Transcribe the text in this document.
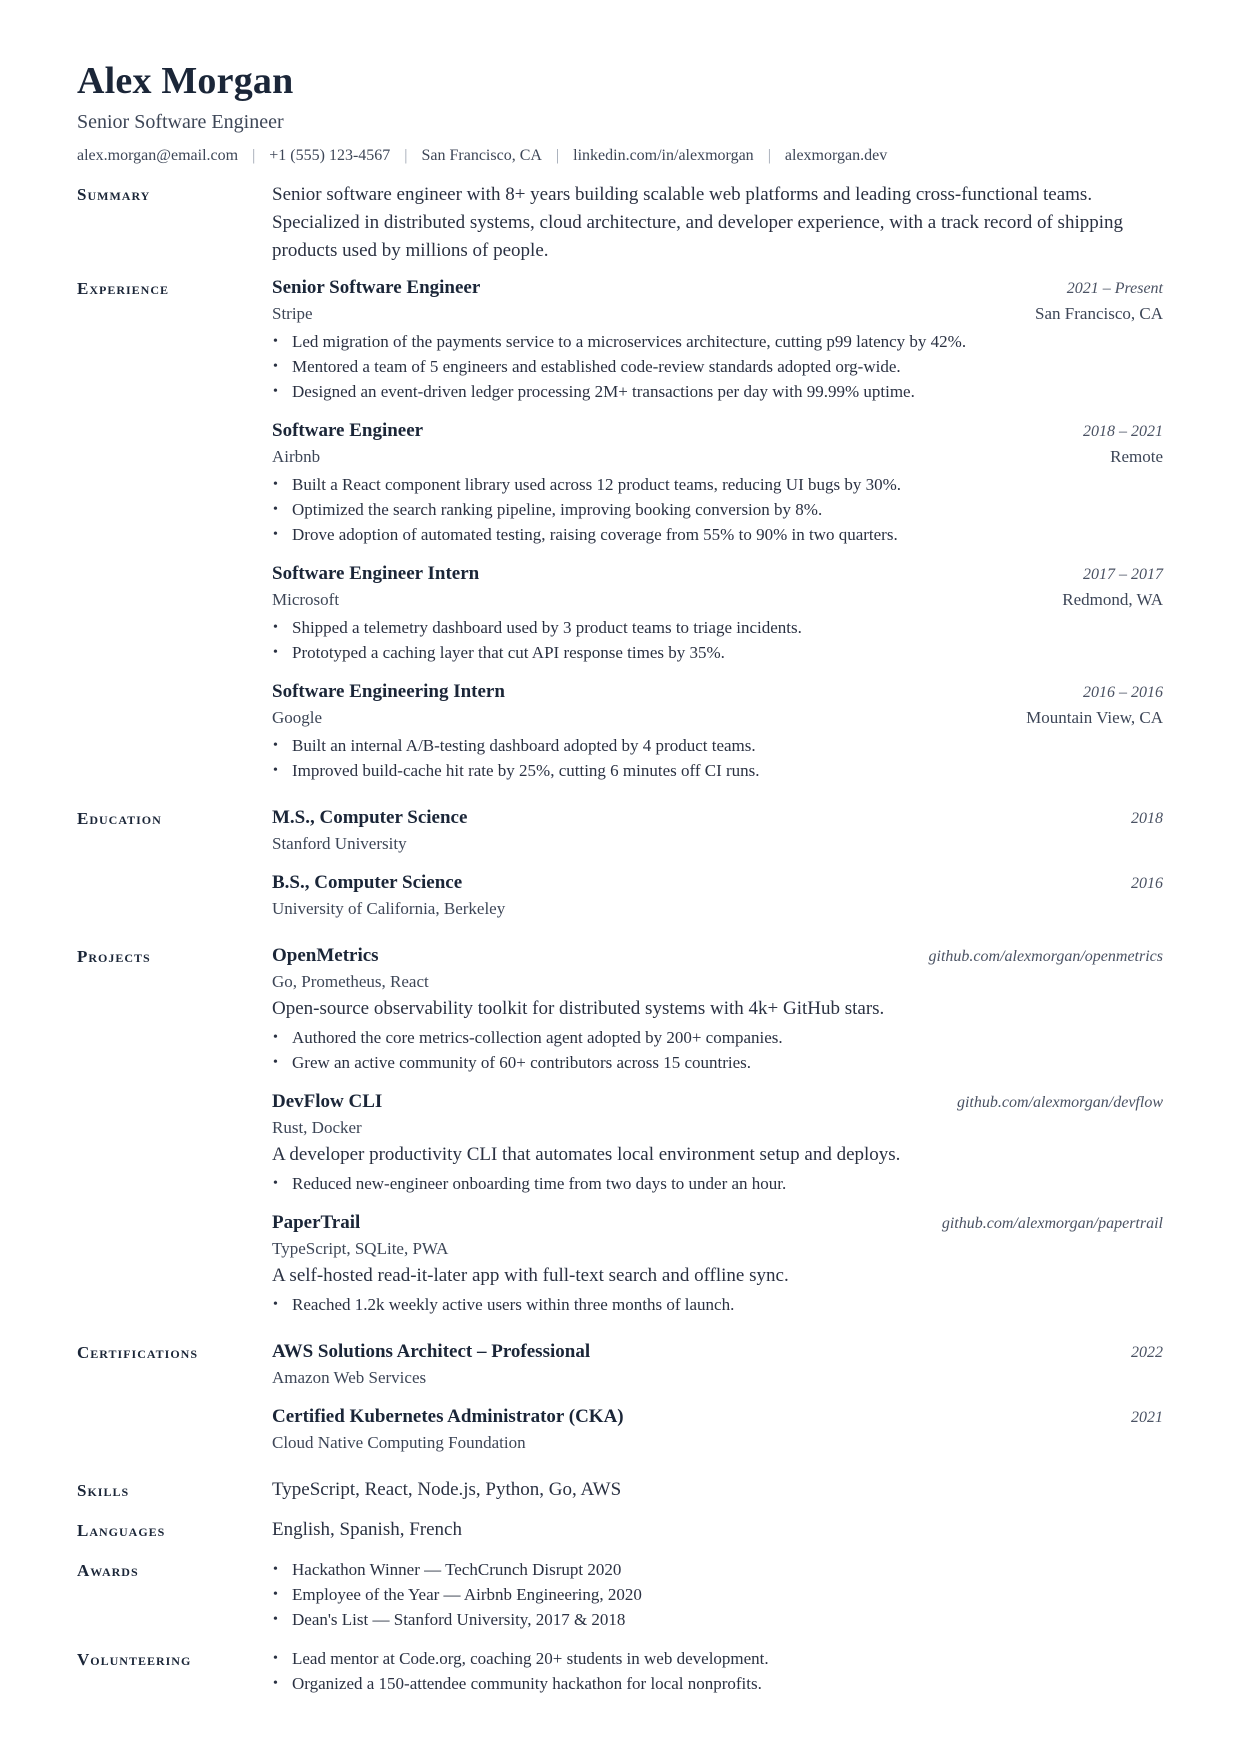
Alex Morgan
Senior Software Engineer
alex.morgan@email.com | +1 (555) 123-4567 | San Francisco, CA | linkedin.com/in/alexmorgan | alexmorgan.dev
Summary	Senior software engineer with 8+ years building scalable web platforms and leading cross-functional teams. Specialized in distributed systems, cloud architecture, and developer experience, with a track record of shipping products used by millions of people.

Experience	Senior Software Engineer	2021 – Present
Stripe	San Francisco, CA
• Led migration of the payments service to a microservices architecture, cutting p99 latency by 42%.
• Mentored a team of 5 engineers and established code-review standards adopted org-wide.
• Designed an event-driven ledger processing 2M+ transactions per day with 99.99% uptime.
Software Engineer	2018 – 2021
Airbnb	Remote
• Built a React component library used across 12 product teams, reducing UI bugs by 30%.
• Optimized the search ranking pipeline, improving booking conversion by 8%.
• Drove adoption of automated testing, raising coverage from 55% to 90% in two quarters.
Software Engineer Intern	2017 – 2017
Microsoft	Redmond, WA
• Shipped a telemetry dashboard used by 3 product teams to triage incidents.
• Prototyped a caching layer that cut API response times by 35%.
Software Engineering Intern	2016 – 2016
Google	Mountain View, CA
• Built an internal A/B-testing dashboard adopted by 4 product teams.
• Improved build-cache hit rate by 25%, cutting 6 minutes off CI runs.
Education	M.S., Computer Science	2018
Stanford University
B.S., Computer Science	2016
University of California, Berkeley
Projects	OpenMetrics	github.com/alexmorgan/openmetrics
Go, Prometheus, React
Open-source observability toolkit for distributed systems with 4k+ GitHub stars.
• Authored the core metrics-collection agent adopted by 200+ companies.
• Grew an active community of 60+ contributors across 15 countries.
DevFlow CLI	github.com/alexmorgan/devflow
Rust, Docker
A developer productivity CLI that automates local environment setup and deploys.
• Reduced new-engineer onboarding time from two days to under an hour.
PaperTrail	github.com/alexmorgan/papertrail
TypeScript, SQLite, PWA
A self-hosted read-it-later app with full-text search and offline sync.
• Reached 1.2k weekly active users within three months of launch.
Certifications	AWS Solutions Architect – Professional	2022
Amazon Web Services
Certified Kubernetes Administrator (CKA)	2021
Cloud Native Computing Foundation
Skills	TypeScript, React, Node.js, Python, Go, AWS
Languages	English, Spanish, French
Awards	• Hackathon Winner — TechCrunch Disrupt 2020
• Employee of the Year — Airbnb Engineering, 2020
• Dean's List — Stanford University, 2017 & 2018
Volunteering	• Lead mentor at Code.org, coaching 20+ students in web development.
• Organized a 150-attendee community hackathon for local nonprofits.
